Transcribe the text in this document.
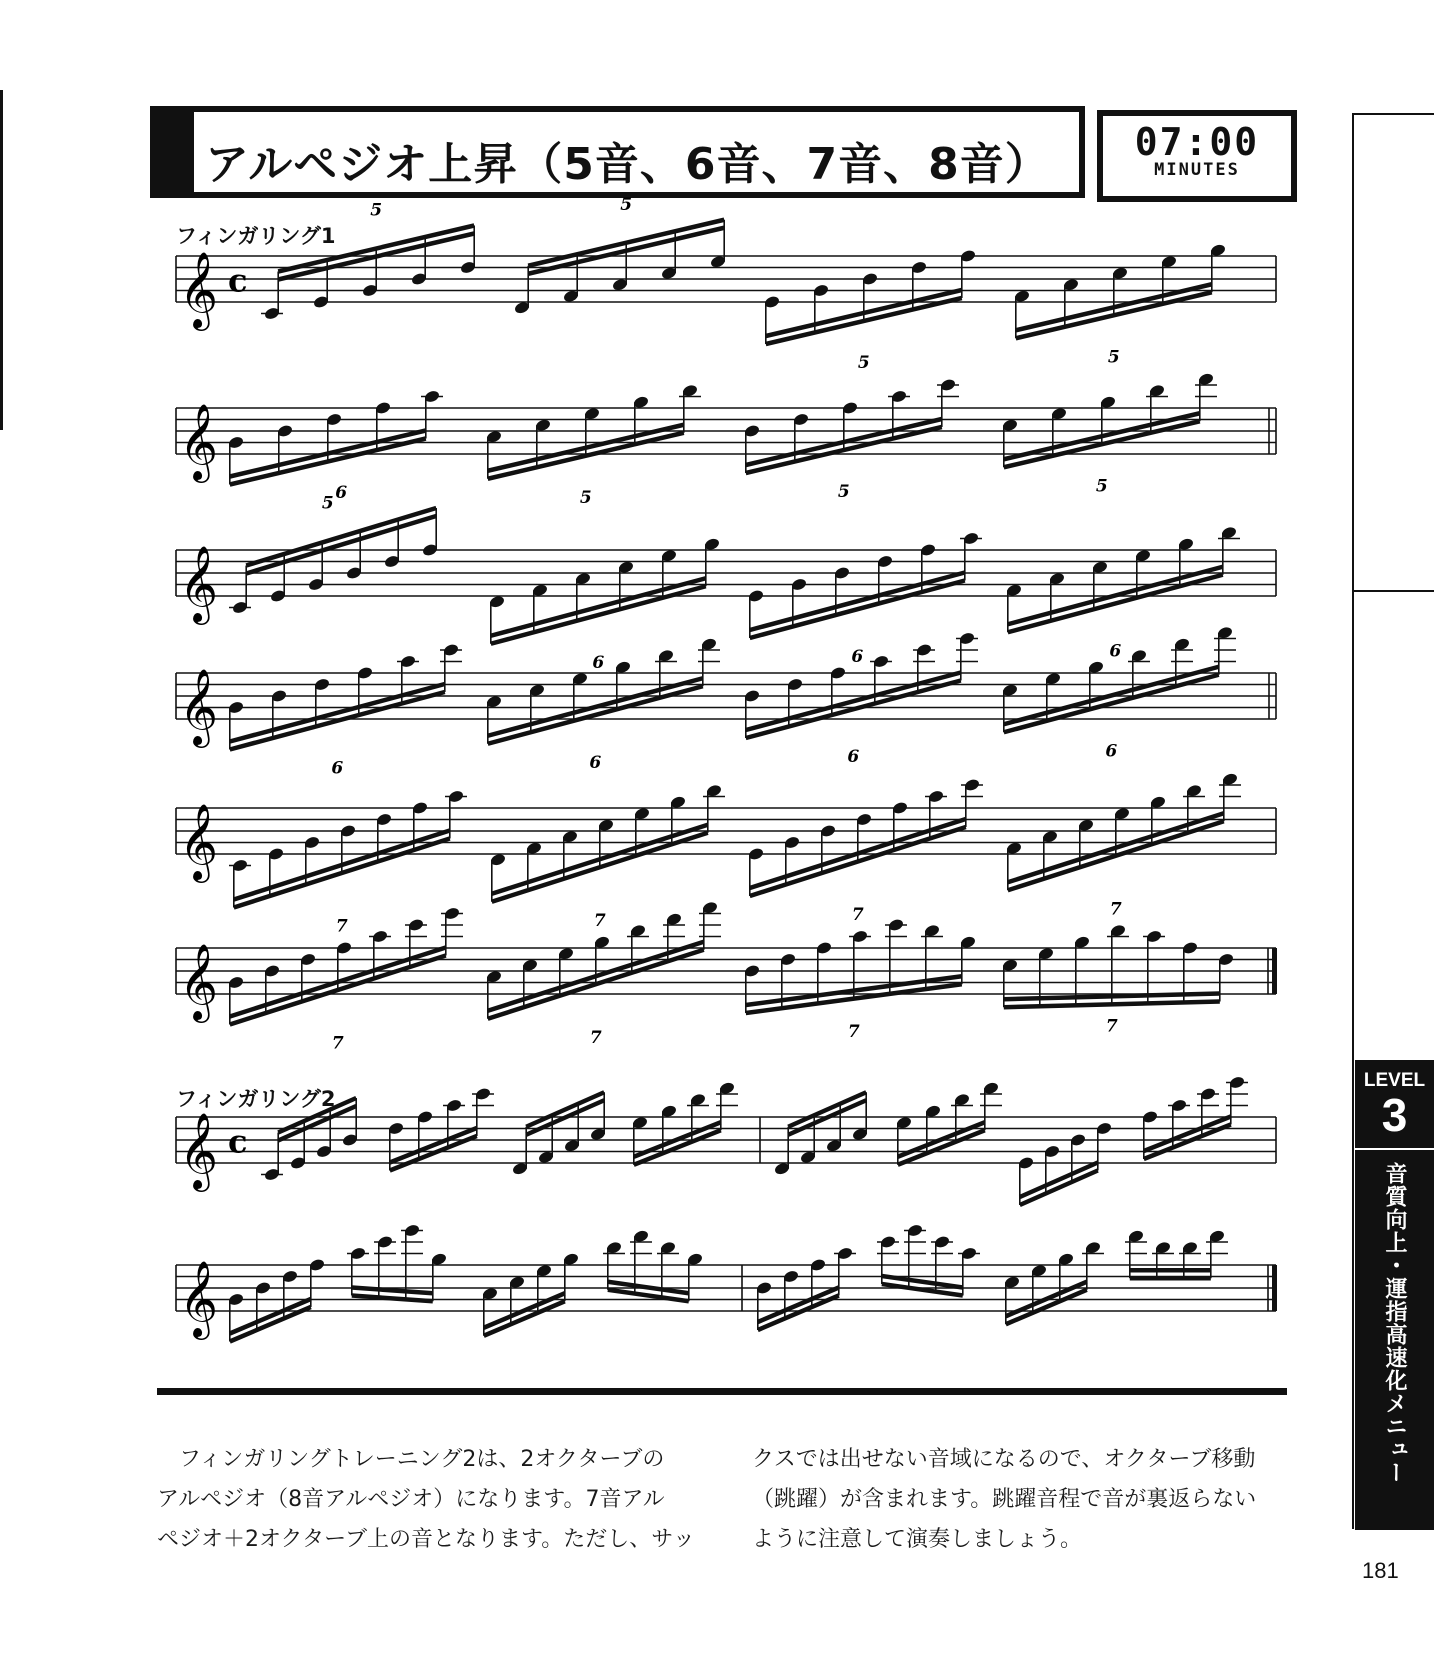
アルペジオ上昇（5音、6音、7音、8音）	07:00
MINUTES
フィンガリング1
フィンガリング2
𝄞
𝄞
𝄞
𝄞
𝄞
𝄞
𝄞
𝄞
c
5	5
5	5
5	5	5	5
6
6	6	6
6	6	6	6
7	7	7	7
7	7	7	7
c
フィンガリングトレーニング2は、2オクターブの
アルペジオ（8音アルペジオ）になります。7音アル
ペジオ＋2オクターブ上の音となります。ただし、サッ
クスでは出せない音域になるので、オクターブ移動
（跳躍）が含まれます。跳躍音程で音が裏返らない
ように注意して演奏しましょう。
LEVEL
3
音質向上・運指高速化メニュー
181
